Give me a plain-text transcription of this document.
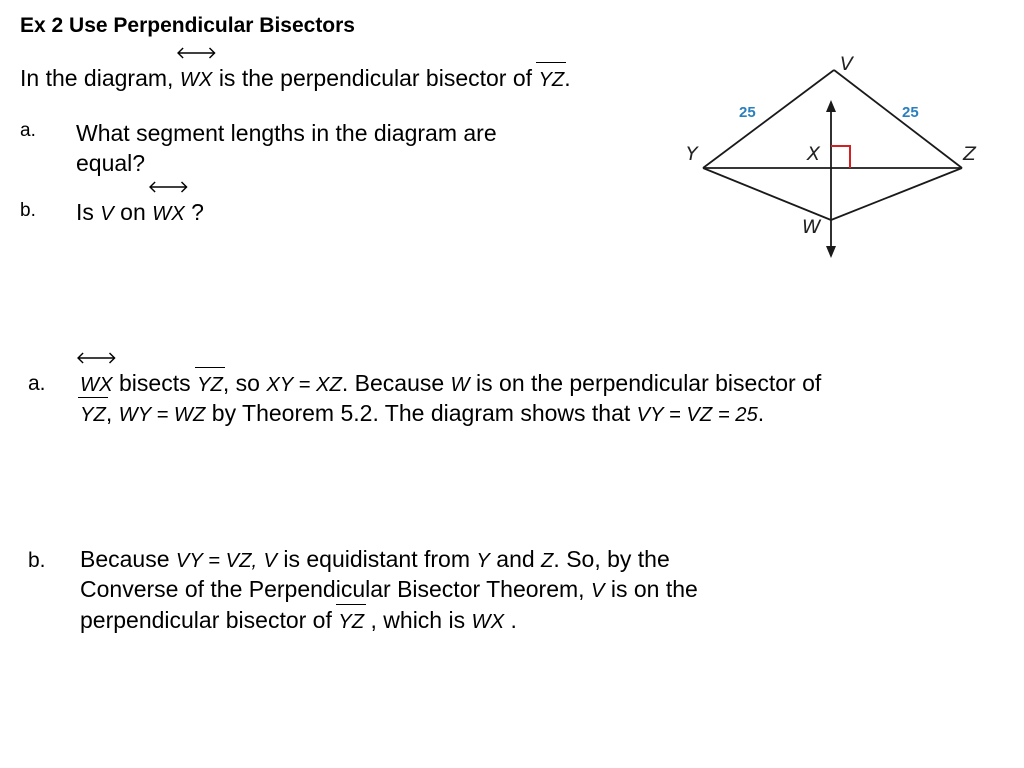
Ex 2 Use Perpendicular Bisectors
In the diagram, WX is the perpendicular bisector of YZ.
a. What segment lengths in the diagram are
equal?
b. Is V on WX ?
V
Y	X	Z
W
25	25
a. WX bisects YZ, so XY = XZ. Because W is on the perpendicular bisector of
YZ, WY = WZ by Theorem 5.2. The diagram shows that VY = VZ = 25.
b. Because VY = VZ, V is equidistant from Y and Z. So, by the
Converse of the Perpendicular Bisector Theorem, V is on the
perpendicular bisector of YZ , which is WX .
